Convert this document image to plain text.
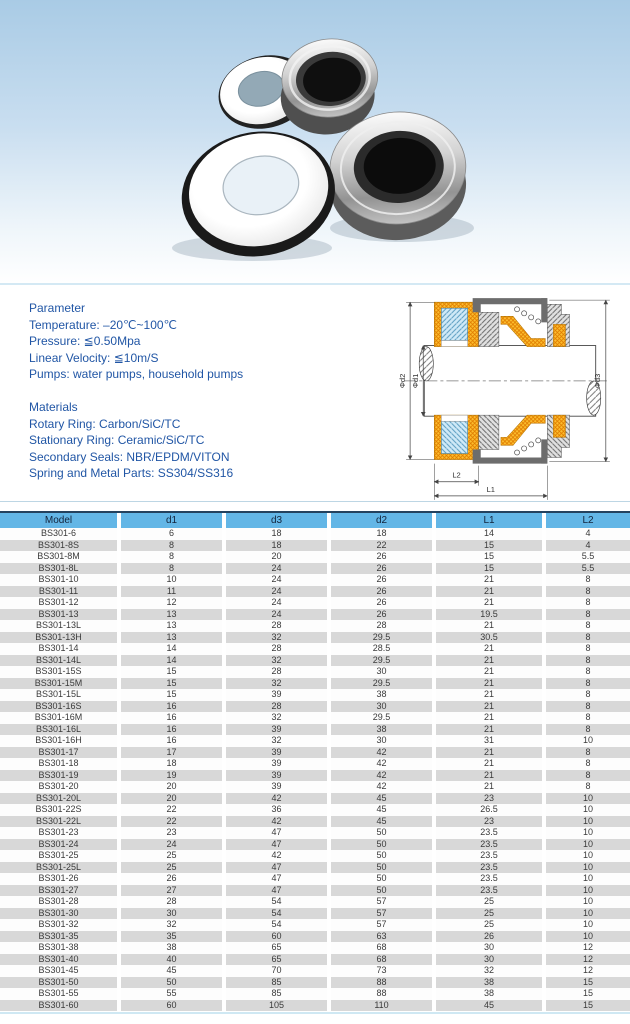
Parameter
Temperature: –20℃~100℃
Pressure: ≦0.50Mpa
Linear Velocity: ≦10m/S
Pumps: water pumps, household pumps
Materials
Rotary Ring: Carbon/SiC/TC
Stationary Ring: Ceramic/SiC/TC
Secondary Seals: NBR/EPDM/VITON
Spring and Metal Parts: SS304/SS316
Φd2 Φd1	Φd3
L2
L1
Model	d1	d3	d2	L1	L2
BS301-6	6	18	18	14	4
BS301-8S	8	18	22	15	4
BS301-8M	8	20	26	15	5.5
BS301-8L	8	24	26	15	5.5
BS301-10	10	24	26	21	8
BS301-11	11	24	26	21	8
BS301-12	12	24	26	21	8
BS301-13	13	24	26	19.5	8
BS301-13L	13	28	28	21	8
BS301-13H	13	32	29.5	30.5	8
BS301-14	14	28	28.5	21	8
BS301-14L	14	32	29.5	21	8
BS301-15S	15	28	30	21	8
BS301-15M	15	32	29.5	21	8
BS301-15L	15	39	38	21	8
BS301-16S	16	28	30	21	8
BS301-16M	16	32	29.5	21	8
BS301-16L	16	39	38	21	8
BS301-16H	16	32	30	31	10
BS301-17	17	39	42	21	8
BS301-18	18	39	42	21	8
BS301-19	19	39	42	21	8
BS301-20	20	39	42	21	8
BS301-20L	20	42	45	23	10
BS301-22S	22	36	45	26.5	10
BS301-22L	22	42	45	23	10
BS301-23	23	47	50	23.5	10
BS301-24	24	47	50	23.5	10
BS301-25	25	42	50	23.5	10
BS301-25L	25	47	50	23.5	10
BS301-26	26	47	50	23.5	10
BS301-27	27	47	50	23.5	10
BS301-28	28	54	57	25	10
BS301-30	30	54	57	25	10
BS301-32	32	54	57	25	10
BS301-35	35	60	63	26	10
BS301-38	38	65	68	30	12
BS301-40	40	65	68	30	12
BS301-45	45	70	73	32	12
BS301-50	50	85	88	38	15
BS301-55	55	85	88	38	15
BS301-60	60	105	110	45	15
